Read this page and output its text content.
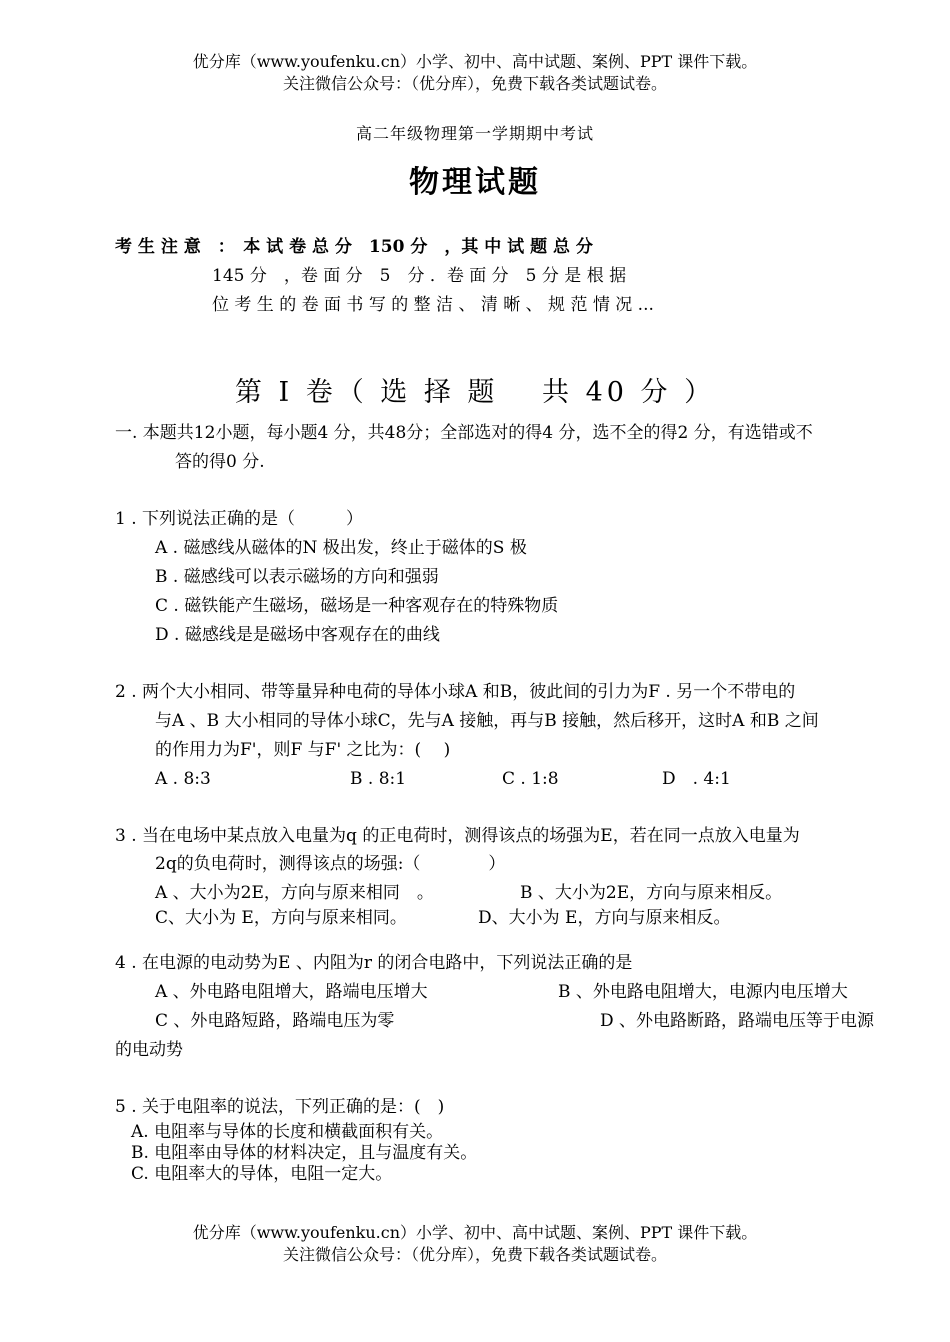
优分库（www.youfenku.cn）小学、初中、高中试题、案例、PPT 课件下载。
关注微信公众号：（优分库），免费下载各类试题试卷。
高二年级物理第一学期期中考试
物理试题
考 生 注 意　：　本 试 卷 总 分　150 分　，其 中 试 题 总 分
145 分　，卷 面 分　5　分 ．卷 面 分　5 分 是 根 据
位 考 生 的 卷 面 书 写 的 整 洁 、 清 晰 、 规 范 情 况 ...
第 Ⅰ 卷（ 选 择 题　 共 40 分 ）
一. 本题共12小题，每小题4 分，共48分；全部选对的得4 分，选不全的得2 分，有选错或不
答的得0 分.
1 . 下列说法正确的是（　　　）
A . 磁感线从磁体的N 极出发，终止于磁体的S 极
B . 磁感线可以表示磁场的方向和强弱
C . 磁铁能产生磁场，磁场是一种客观存在的特殊物质
D . 磁感线是是磁场中客观存在的曲线
2 . 两个大小相同、带等量异种电荷的导体小球A 和B，彼此间的引力为F . 另一个不带电的
与A 、B 大小相同的导体小球C，先与A 接触，再与B 接触，然后移开，这时A 和B 之间
的作用力为F'，则F 与F' 之比为：(　 )
A . 8:3	B . 8:1	C . 1:8	D　. 4:1
3 . 当在电场中某点放入电量为q 的正电荷时，测得该点的场强为E，若在同一点放入电量为
2q的负电荷时，测得该点的场强:（　　　　）
A 、大小为2E，方向与原来相同　。	B 、大小为2E，方向与原来相反。
C、大小为 E，方向与原来相同。	D、大小为 E，方向与原来相反。
4 . 在电源的电动势为E 、内阻为r 的闭合电路中，下列说法正确的是
A 、外电路电阻增大，路端电压增大	B 、外电路电阻增大，电源内电压增大
C 、外电路短路，路端电压为零	D 、外电路断路，路端电压等于电源
的电动势
5 . 关于电阻率的说法，下列正确的是：(　)
A. 电阻率与导体的长度和横截面积有关。
B. 电阻率由导体的材料决定，且与温度有关。
C. 电阻率大的导体，电阻一定大。
优分库（www.youfenku.cn）小学、初中、高中试题、案例、PPT 课件下载。
关注微信公众号：（优分库），免费下载各类试题试卷。
